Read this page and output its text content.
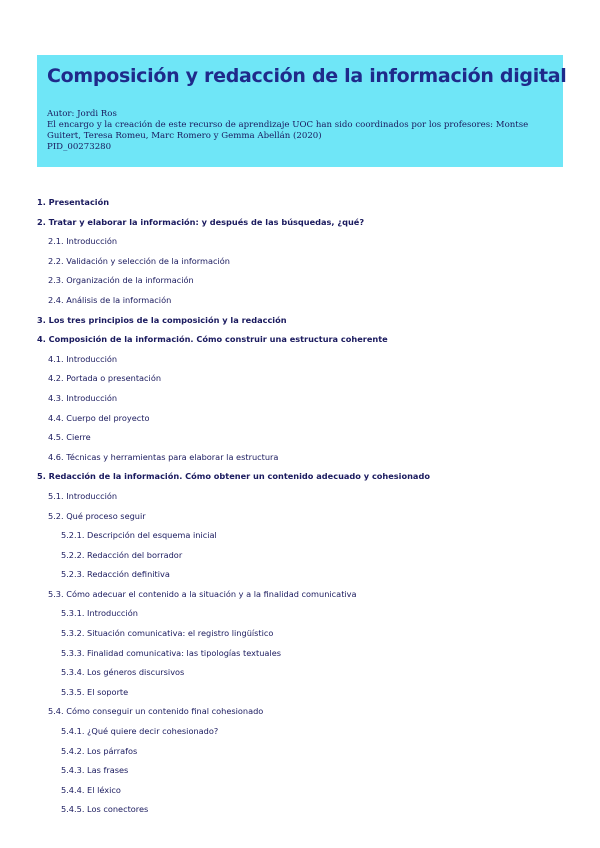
Composición y redacción de la información digital
Autor: Jordi Ros
El encargo y la creación de este recurso de aprendizaje UOC han sido coordinados por los profesores: Montse Guitert, Teresa Romeu, Marc Romero y Gemma Abellán (2020)
PID_00273280
1. Presentación
2. Tratar y elaborar la información: y después de las búsquedas, ¿qué?
2.1. Introducción
2.2. Validación y selección de la información
2.3. Organización de la información
2.4. Análisis de la información
3. Los tres principios de la composición y la redacción
4. Composición de la información. Cómo construir una estructura coherente
4.1. Introducción
4.2. Portada o presentación
4.3. Introducción
4.4. Cuerpo del proyecto
4.5. Cierre
4.6. Técnicas y herramientas para elaborar la estructura
5. Redacción de la información. Cómo obtener un contenido adecuado y cohesionado
5.1. Introducción
5.2. Qué proceso seguir
5.2.1. Descripción del esquema inicial
5.2.2. Redacción del borrador
5.2.3. Redacción definitiva
5.3. Cómo adecuar el contenido a la situación y a la finalidad comunicativa
5.3.1. Introducción
5.3.2. Situación comunicativa: el registro lingüístico
5.3.3. Finalidad comunicativa: las tipologías textuales
5.3.4. Los géneros discursivos
5.3.5. El soporte
5.4. Cómo conseguir un contenido final cohesionado
5.4.1. ¿Qué quiere decir cohesionado?
5.4.2. Los párrafos
5.4.3. Las frases
5.4.4. El léxico
5.4.5. Los conectores
